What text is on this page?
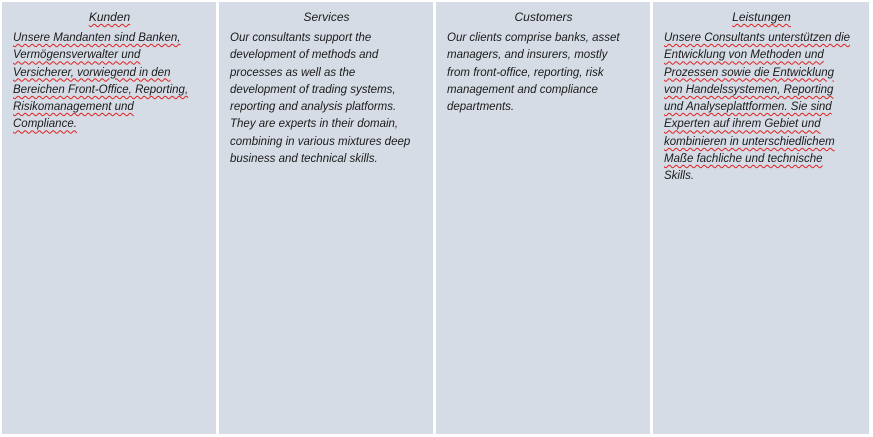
Kunden
Unsere Mandanten sind Banken,
Vermögensverwalter und
Versicherer, vorwiegend in den
Bereichen Front-Office, Reporting,
Risikomanagement und
Compliance.
Services
Our consultants support the
development of methods and
processes as well as the
development of trading systems,
reporting and analysis platforms.
They are experts in their domain,
combining in various mixtures deep
business and technical skills.
Customers
Our clients comprise banks, asset
managers, and insurers, mostly
from front-office, reporting, risk
management and compliance
departments.
Leistungen
Unsere Consultants unterstützen die
Entwicklung von Methoden und
Prozessen sowie die Entwicklung
von Handelssystemen, Reporting
und Analyseplattformen. Sie sind
Experten auf ihrem Gebiet und
kombinieren in unterschiedlichem
Maße fachliche und technische
Skills.
